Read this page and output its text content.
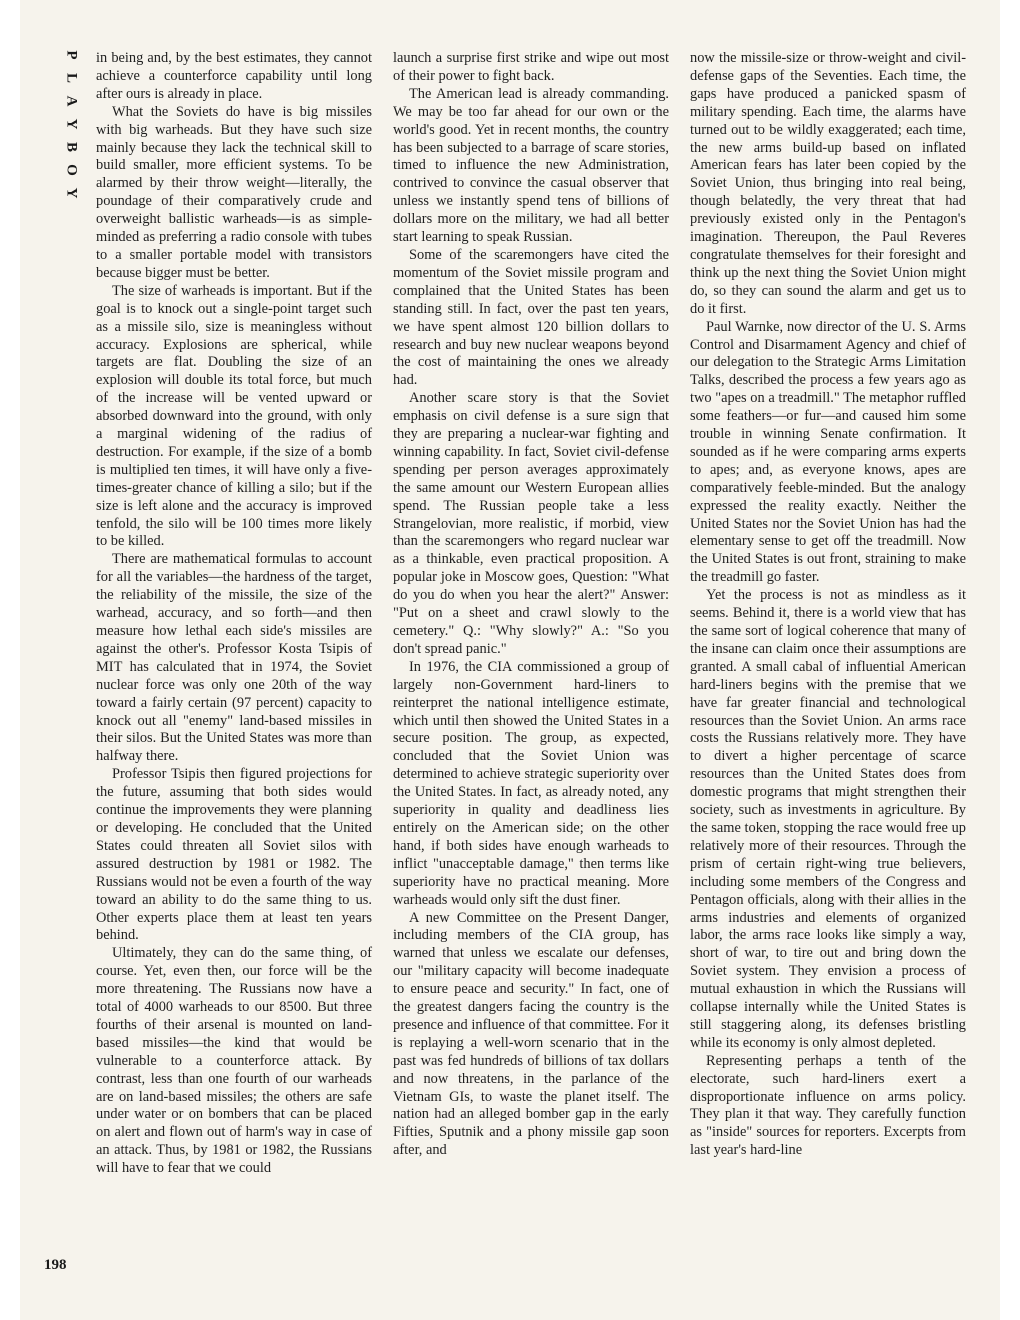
P
L
A
Y
B
O
Y

in being and, by the best estimates, they cannot achieve a counterforce capability until long after ours is already in place.

What the Soviets do have is big missiles with big warheads. But they have such size mainly because they lack the technical skill to build smaller, more efficient systems. To be alarmed by their throw weight—literally, the poundage of their comparatively crude and overweight ballistic warheads—is as simple-minded as preferring a radio console with tubes to a smaller portable model with transistors because bigger must be better.

The size of warheads is important. But if the goal is to knock out a single-point target such as a missile silo, size is meaningless without accuracy. Explosions are spherical, while targets are flat. Doubling the size of an explosion will double its total force, but much of the increase will be vented upward or absorbed downward into the ground, with only a marginal widening of the radius of destruction. For example, if the size of a bomb is multiplied ten times, it will have only a five-times-greater chance of killing a silo; but if the size is left alone and the accuracy is improved tenfold, the silo will be 100 times more likely to be killed.

There are mathematical formulas to account for all the variables—the hardness of the target, the reliability of the missile, the size of the warhead, accuracy, and so forth—and then measure how lethal each side's missiles are against the other's. Professor Kosta Tsipis of MIT has calculated that in 1974, the Soviet nuclear force was only one 20th of the way toward a fairly certain (97 percent) capacity to knock out all "enemy" land-based missiles in their silos. But the United States was more than halfway there.

Professor Tsipis then figured projections for the future, assuming that both sides would continue the improvements they were planning or developing. He concluded that the United States could threaten all Soviet silos with assured destruction by 1981 or 1982. The Russians would not be even a fourth of the way toward an ability to do the same thing to us. Other experts place them at least ten years behind.

Ultimately, they can do the same thing, of course. Yet, even then, our force will be the more threatening. The Russians now have a total of 4000 warheads to our 8500. But three fourths of their arsenal is mounted on land-based missiles—the kind that would be vulnerable to a counterforce attack. By contrast, less than one fourth of our warheads are on land-based missiles; the others are safe under water or on bombers that can be placed on alert and flown out of harm's way in case of an attack. Thus, by 1981 or 1982, the Russians will have to fear that we could

launch a surprise first strike and wipe out most of their power to fight back.

The American lead is already commanding. We may be too far ahead for our own or the world's good. Yet in recent months, the country has been subjected to a barrage of scare stories, timed to influence the new Administration, contrived to convince the casual observer that unless we instantly spend tens of billions of dollars more on the military, we had all better start learning to speak Russian.

Some of the scaremongers have cited the momentum of the Soviet missile program and complained that the United States has been standing still. In fact, over the past ten years, we have spent almost 120 billion dollars to research and buy new nuclear weapons beyond the cost of maintaining the ones we already had.

Another scare story is that the Soviet emphasis on civil defense is a sure sign that they are preparing a nuclear-war fighting and winning capability. In fact, Soviet civil-defense spending per person averages approximately the same amount our Western European allies spend. The Russian people take a less Strangelovian, more realistic, if morbid, view than the scaremongers who regard nuclear war as a thinkable, even practical proposition. A popular joke in Moscow goes, Question: "What do you do when you hear the alert?" Answer: "Put on a sheet and crawl slowly to the cemetery." Q.: "Why slowly?" A.: "So you don't spread panic."

In 1976, the CIA commissioned a group of largely non-Government hard-liners to reinterpret the national intelligence estimate, which until then showed the United States in a secure position. The group, as expected, concluded that the Soviet Union was determined to achieve strategic superiority over the United States. In fact, as already noted, any superiority in quality and deadliness lies entirely on the American side; on the other hand, if both sides have enough warheads to inflict "unacceptable damage," then terms like superiority have no practical meaning. More warheads would only sift the dust finer.

A new Committee on the Present Danger, including members of the CIA group, has warned that unless we escalate our defenses, our "military capacity will become inadequate to ensure peace and security." In fact, one of the greatest dangers facing the country is the presence and influence of that committee. For it is replaying a well-worn scenario that in the past was fed hundreds of billions of tax dollars and now threatens, in the parlance of the Vietnam GIs, to waste the planet itself. The nation had an alleged bomber gap in the early Fifties, Sputnik and a phony missile gap soon after, and

now the missile-size or throw-weight and civil-defense gaps of the Seventies. Each time, the gaps have produced a panicked spasm of military spending. Each time, the alarms have turned out to be wildly exaggerated; each time, the new arms build-up based on inflated American fears has later been copied by the Soviet Union, thus bringing into real being, though belatedly, the very threat that had previously existed only in the Pentagon's imagination. Thereupon, the Paul Reveres congratulate themselves for their foresight and think up the next thing the Soviet Union might do, so they can sound the alarm and get us to do it first.

Paul Warnke, now director of the U. S. Arms Control and Disarmament Agency and chief of our delegation to the Strategic Arms Limitation Talks, described the process a few years ago as two "apes on a treadmill." The metaphor ruffled some feathers—or fur—and caused him some trouble in winning Senate confirmation. It sounded as if he were comparing arms experts to apes; and, as everyone knows, apes are comparatively feeble-minded. But the analogy expressed the reality exactly. Neither the United States nor the Soviet Union has had the elementary sense to get off the treadmill. Now the United States is out front, straining to make the treadmill go faster.

Yet the process is not as mindless as it seems. Behind it, there is a world view that has the same sort of logical coherence that many of the insane can claim once their assumptions are granted. A small cabal of influential American hard-liners begins with the premise that we have far greater financial and technological resources than the Soviet Union. An arms race costs the Russians relatively more. They have to divert a higher percentage of scarce resources than the United States does from domestic programs that might strengthen their society, such as investments in agriculture. By the same token, stopping the race would free up relatively more of their resources. Through the prism of certain right-wing true believers, including some members of the Congress and Pentagon officials, along with their allies in the arms industries and elements of organized labor, the arms race looks like simply a way, short of war, to tire out and bring down the Soviet system. They envision a process of mutual exhaustion in which the Russians will collapse internally while the United States is still staggering along, its defenses bristling while its economy is only almost depleted.

Representing perhaps a tenth of the electorate, such hard-liners exert a disproportionate influence on arms policy. They plan it that way. They carefully function as "inside" sources for reporters. Excerpts from last year's hard-line

198
